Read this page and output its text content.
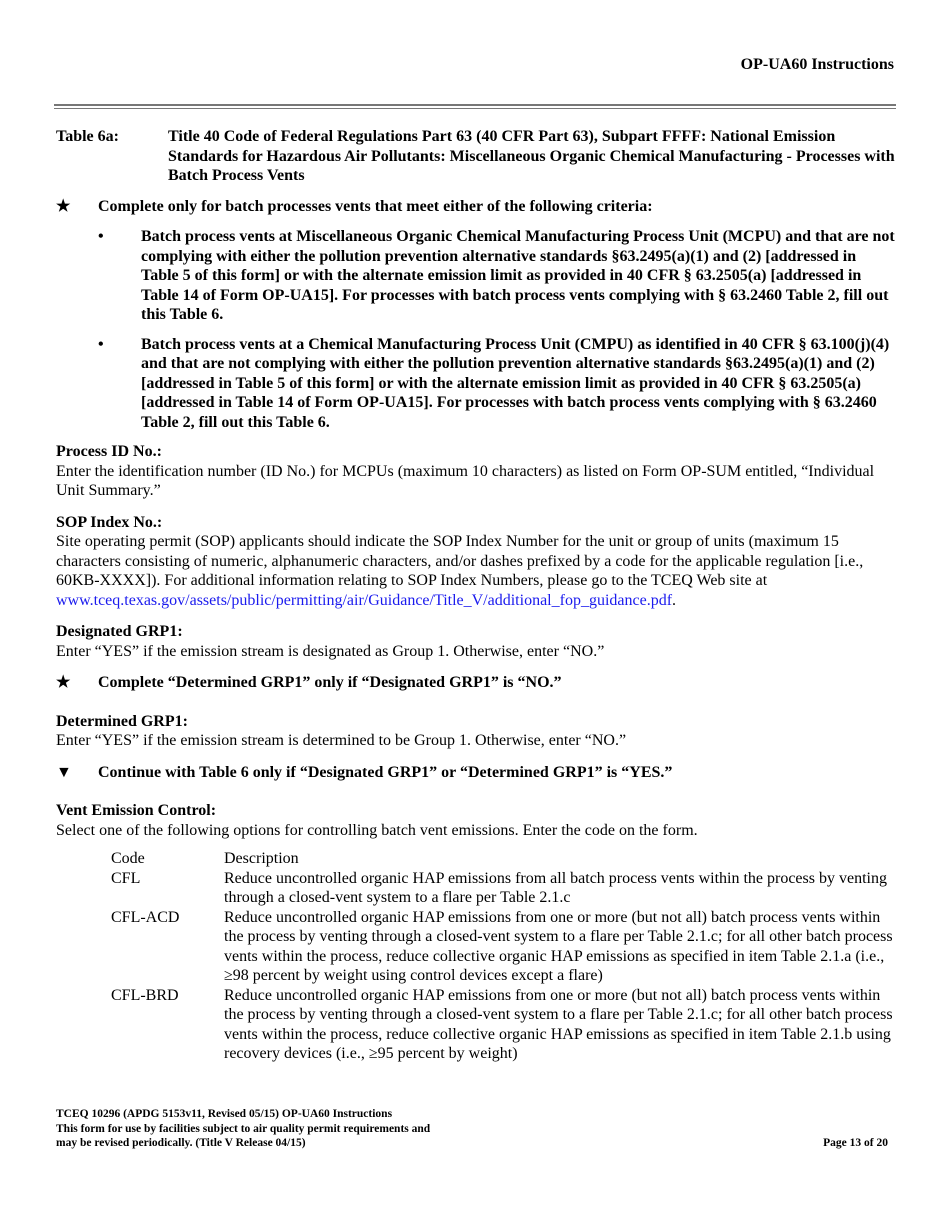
OP-UA60 Instructions
Table 6a:	Title 40 Code of Federal Regulations Part 63 (40 CFR Part 63), Subpart FFFF: National Emission Standards for Hazardous Air Pollutants: Miscellaneous Organic Chemical Manufacturing - Processes with Batch Process Vents
★	Complete only for batch processes vents that meet either of the following criteria:
•	Batch process vents at Miscellaneous Organic Chemical Manufacturing Process Unit (MCPU) and that are not complying with either the pollution prevention alternative standards §63.2495(a)(1) and (2) [addressed in Table 5 of this form] or with the alternate emission limit as provided in 40 CFR § 63.2505(a) [addressed in Table 14 of Form OP-UA15]. For processes with batch process vents complying with § 63.2460 Table 2, fill out this Table 6.
•	Batch process vents at a Chemical Manufacturing Process Unit (CMPU) as identified in 40 CFR § 63.100(j)(4) and that are not complying with either the pollution prevention alternative standards §63.2495(a)(1) and (2) [addressed in Table 5 of this form] or with the alternate emission limit as provided in 40 CFR § 63.2505(a) [addressed in Table 14 of Form OP-UA15]. For processes with batch process vents complying with § 63.2460 Table 2, fill out this Table 6.
Process ID No.:
Enter the identification number (ID No.) for MCPUs (maximum 10 characters) as listed on Form OP-SUM entitled, “Individual Unit Summary.”
SOP Index No.:
Site operating permit (SOP) applicants should indicate the SOP Index Number for the unit or group of units (maximum 15 characters consisting of numeric, alphanumeric characters, and/or dashes prefixed by a code for the applicable regulation [i.e., 60KB-XXXX]). For additional information relating to SOP Index Numbers, please go to the TCEQ Web site at www.tceq.texas.gov/assets/public/permitting/air/Guidance/Title_V/additional_fop_guidance.pdf.
Designated GRP1:
Enter “YES” if the emission stream is designated as Group 1. Otherwise, enter “NO.”
★	Complete “Determined GRP1” only if “Designated GRP1” is “NO.”
Determined GRP1:
Enter “YES” if the emission stream is determined to be Group 1. Otherwise, enter “NO.”
▼	Continue with Table 6 only if “Designated GRP1” or “Determined GRP1” is “YES.”
Vent Emission Control:
Select one of the following options for controlling batch vent emissions. Enter the code on the form.
Code	Description
CFL	Reduce uncontrolled organic HAP emissions from all batch process vents within the process by venting through a closed-vent system to a flare per Table 2.1.c
CFL-ACD	Reduce uncontrolled organic HAP emissions from one or more (but not all) batch process vents within the process by venting through a closed-vent system to a flare per Table 2.1.c; for all other batch process vents within the process, reduce collective organic HAP emissions as specified in item Table 2.1.a (i.e., ≥98 percent by weight using control devices except a flare)
CFL-BRD	Reduce uncontrolled organic HAP emissions from one or more (but not all) batch process vents within the process by venting through a closed-vent system to a flare per Table 2.1.c; for all other batch process vents within the process, reduce collective organic HAP emissions as specified in item Table 2.1.b using recovery devices (i.e., ≥95 percent by weight)
TCEQ 10296 (APDG 5153v11, Revised 05/15) OP-UA60 Instructions
This form for use by facilities subject to air quality permit requirements and
may be revised periodically. (Title V Release 04/15)	Page 13 of 20
